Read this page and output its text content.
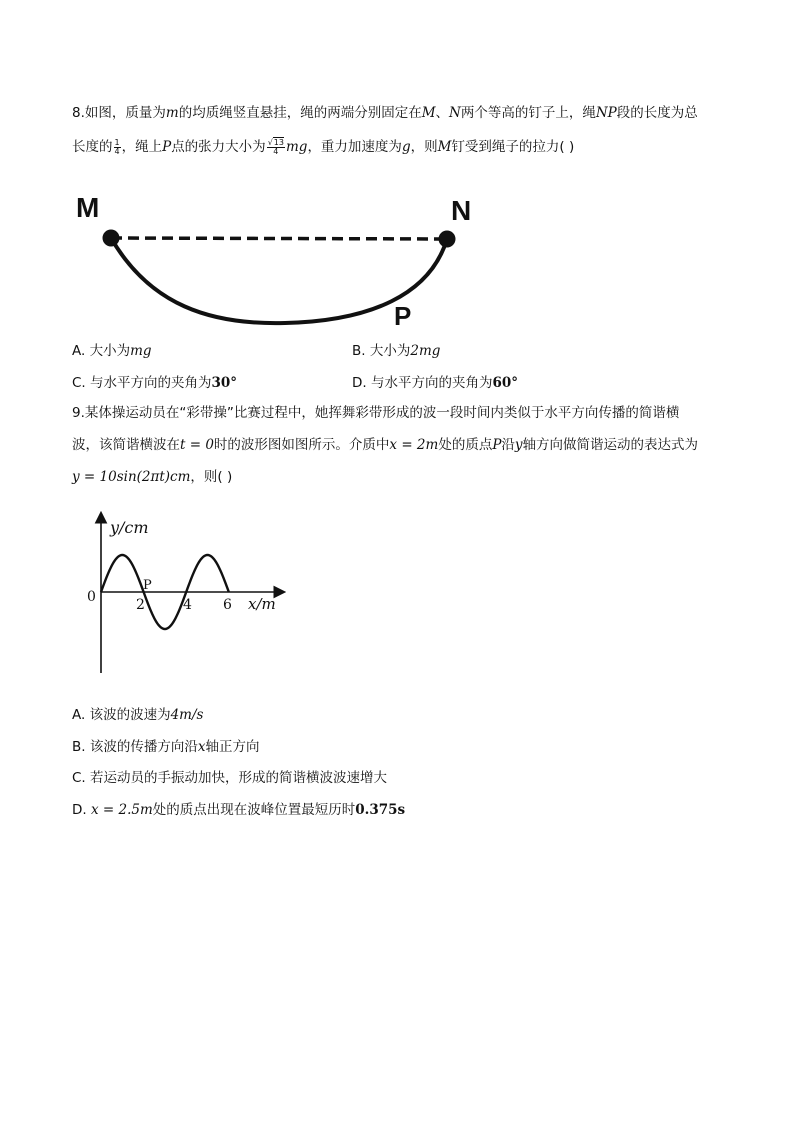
8.如图，质量为m的均质绳竖直悬挂，绳的两端分别固定在M、N两个等高的钉子上，绳NP段的长度为总
长度的 $\frac{1}{4}$ ，绳上P点的张力大小为 $\frac{√13}{4}$ mg，重力加速度为g，则M钉受到绳子的拉力( )
M	N
P
A. 大小为mg	B. 大小为2mg
C. 与水平方向的夹角为30°	D. 与水平方向的夹角为60°
9.某体操运动员在“彩带操”比赛过程中，她挥舞彩带形成的波一段时间内类似于水平方向传播的简谐横
波，该简谐横波在t = 0时的波形图如图所示。介质中x = 2m处的质点P沿y轴方向做简谐运动的表达式为
y = 10sin(2πt)cm，则( )
y/cm
x/m
0	2	4 6
P
A. 该波的波速为4m/s
B. 该波的传播方向沿x轴正方向
C. 若运动员的手振动加快，形成的简谐横波波速增大
D. x = 2.5m处的质点出现在波峰位置最短历时0.375s
